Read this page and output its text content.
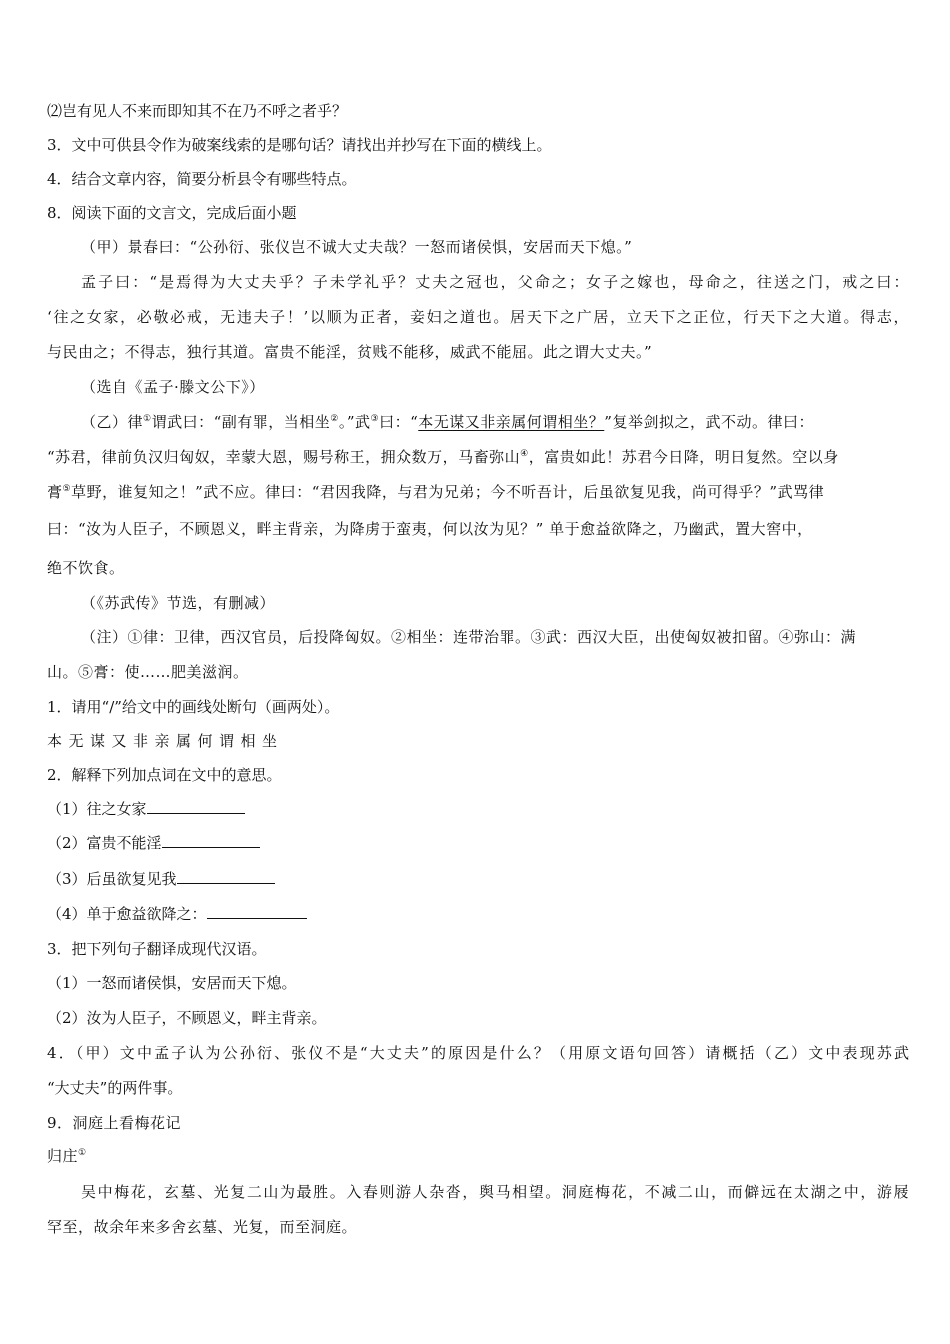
⑵岂有见人不来而即知其不在乃不呼之者乎？
3．文中可供县令作为破案线索的是哪句话？请找出并抄写在下面的横线上。
4．结合文章内容，简要分析县令有哪些特点。
8．阅读下面的文言文，完成后面小题
（甲）景春曰：“公孙衍、张仪岂不诚大丈夫哉？一怒而诸侯惧，安居而天下熄。”
孟子曰：“是焉得为大丈夫乎？子未学礼乎？丈夫之冠也，父命之；女子之嫁也，母命之，往送之门，戒之曰：
‘往之女家，必敬必戒，无违夫子！’以顺为正者，妾妇之道也。居天下之广居，立天下之正位，行天下之大道。得志，
与民由之；不得志，独行其道。富贵不能淫，贫贱不能移，威武不能屈。此之谓大丈夫。”
（选自《孟子·滕文公下》）
（乙）律①谓武曰：“副有罪，当相坐②。”武③曰：“本无谋又非亲属何谓相坐？”复举剑拟之，武不动。律曰：
“苏君，律前负汉归匈奴，幸蒙大恩，赐号称王，拥众数万，马畜弥山④，富贵如此！苏君今日降，明日复然。空以身
膏⑤草野，谁复知之！”武不应。律曰：“君因我降，与君为兄弟；今不听吾计，后虽欲复见我，尚可得乎？”武骂律
曰：“汝为人臣子，不顾恩义，畔主背亲，为降虏于蛮夷，何以汝为见？” 单于愈益欲降之，乃幽武，置大窖中，
绝不饮食。
（《苏武传》节选，有删减）
（注）①律：卫律，西汉官员，后投降匈奴。②相坐：连带治罪。③武：西汉大臣，出使匈奴被扣留。④弥山：满
山。⑤膏：使……肥美滋润。
1．请用“/”给文中的画线处断句（画两处）。
本无谋又非亲属何谓相坐
2．解释下列加点词在文中的意思。
（1）往之女家
（2）富贵不能淫
（3）后虽欲复见我
（4）单于愈益欲降之：
3．把下列句子翻译成现代汉语。
（1）一怒而诸侯惧，安居而天下熄。
（2）汝为人臣子，不顾恩义，畔主背亲。
4．（甲）文中孟子认为公孙衍、张仪不是“大丈夫”的原因是什么？（用原文语句回答）请概括（乙）文中表现苏武
“大丈夫”的两件事。
9．洞庭上看梅花记
归庄①
吴中梅花，玄墓、光复二山为最胜。入春则游人杂沓，舆马相望。洞庭梅花，不减二山，而僻远在太湖之中，游屐
罕至，故余年来多舍玄墓、光复，而至洞庭。
